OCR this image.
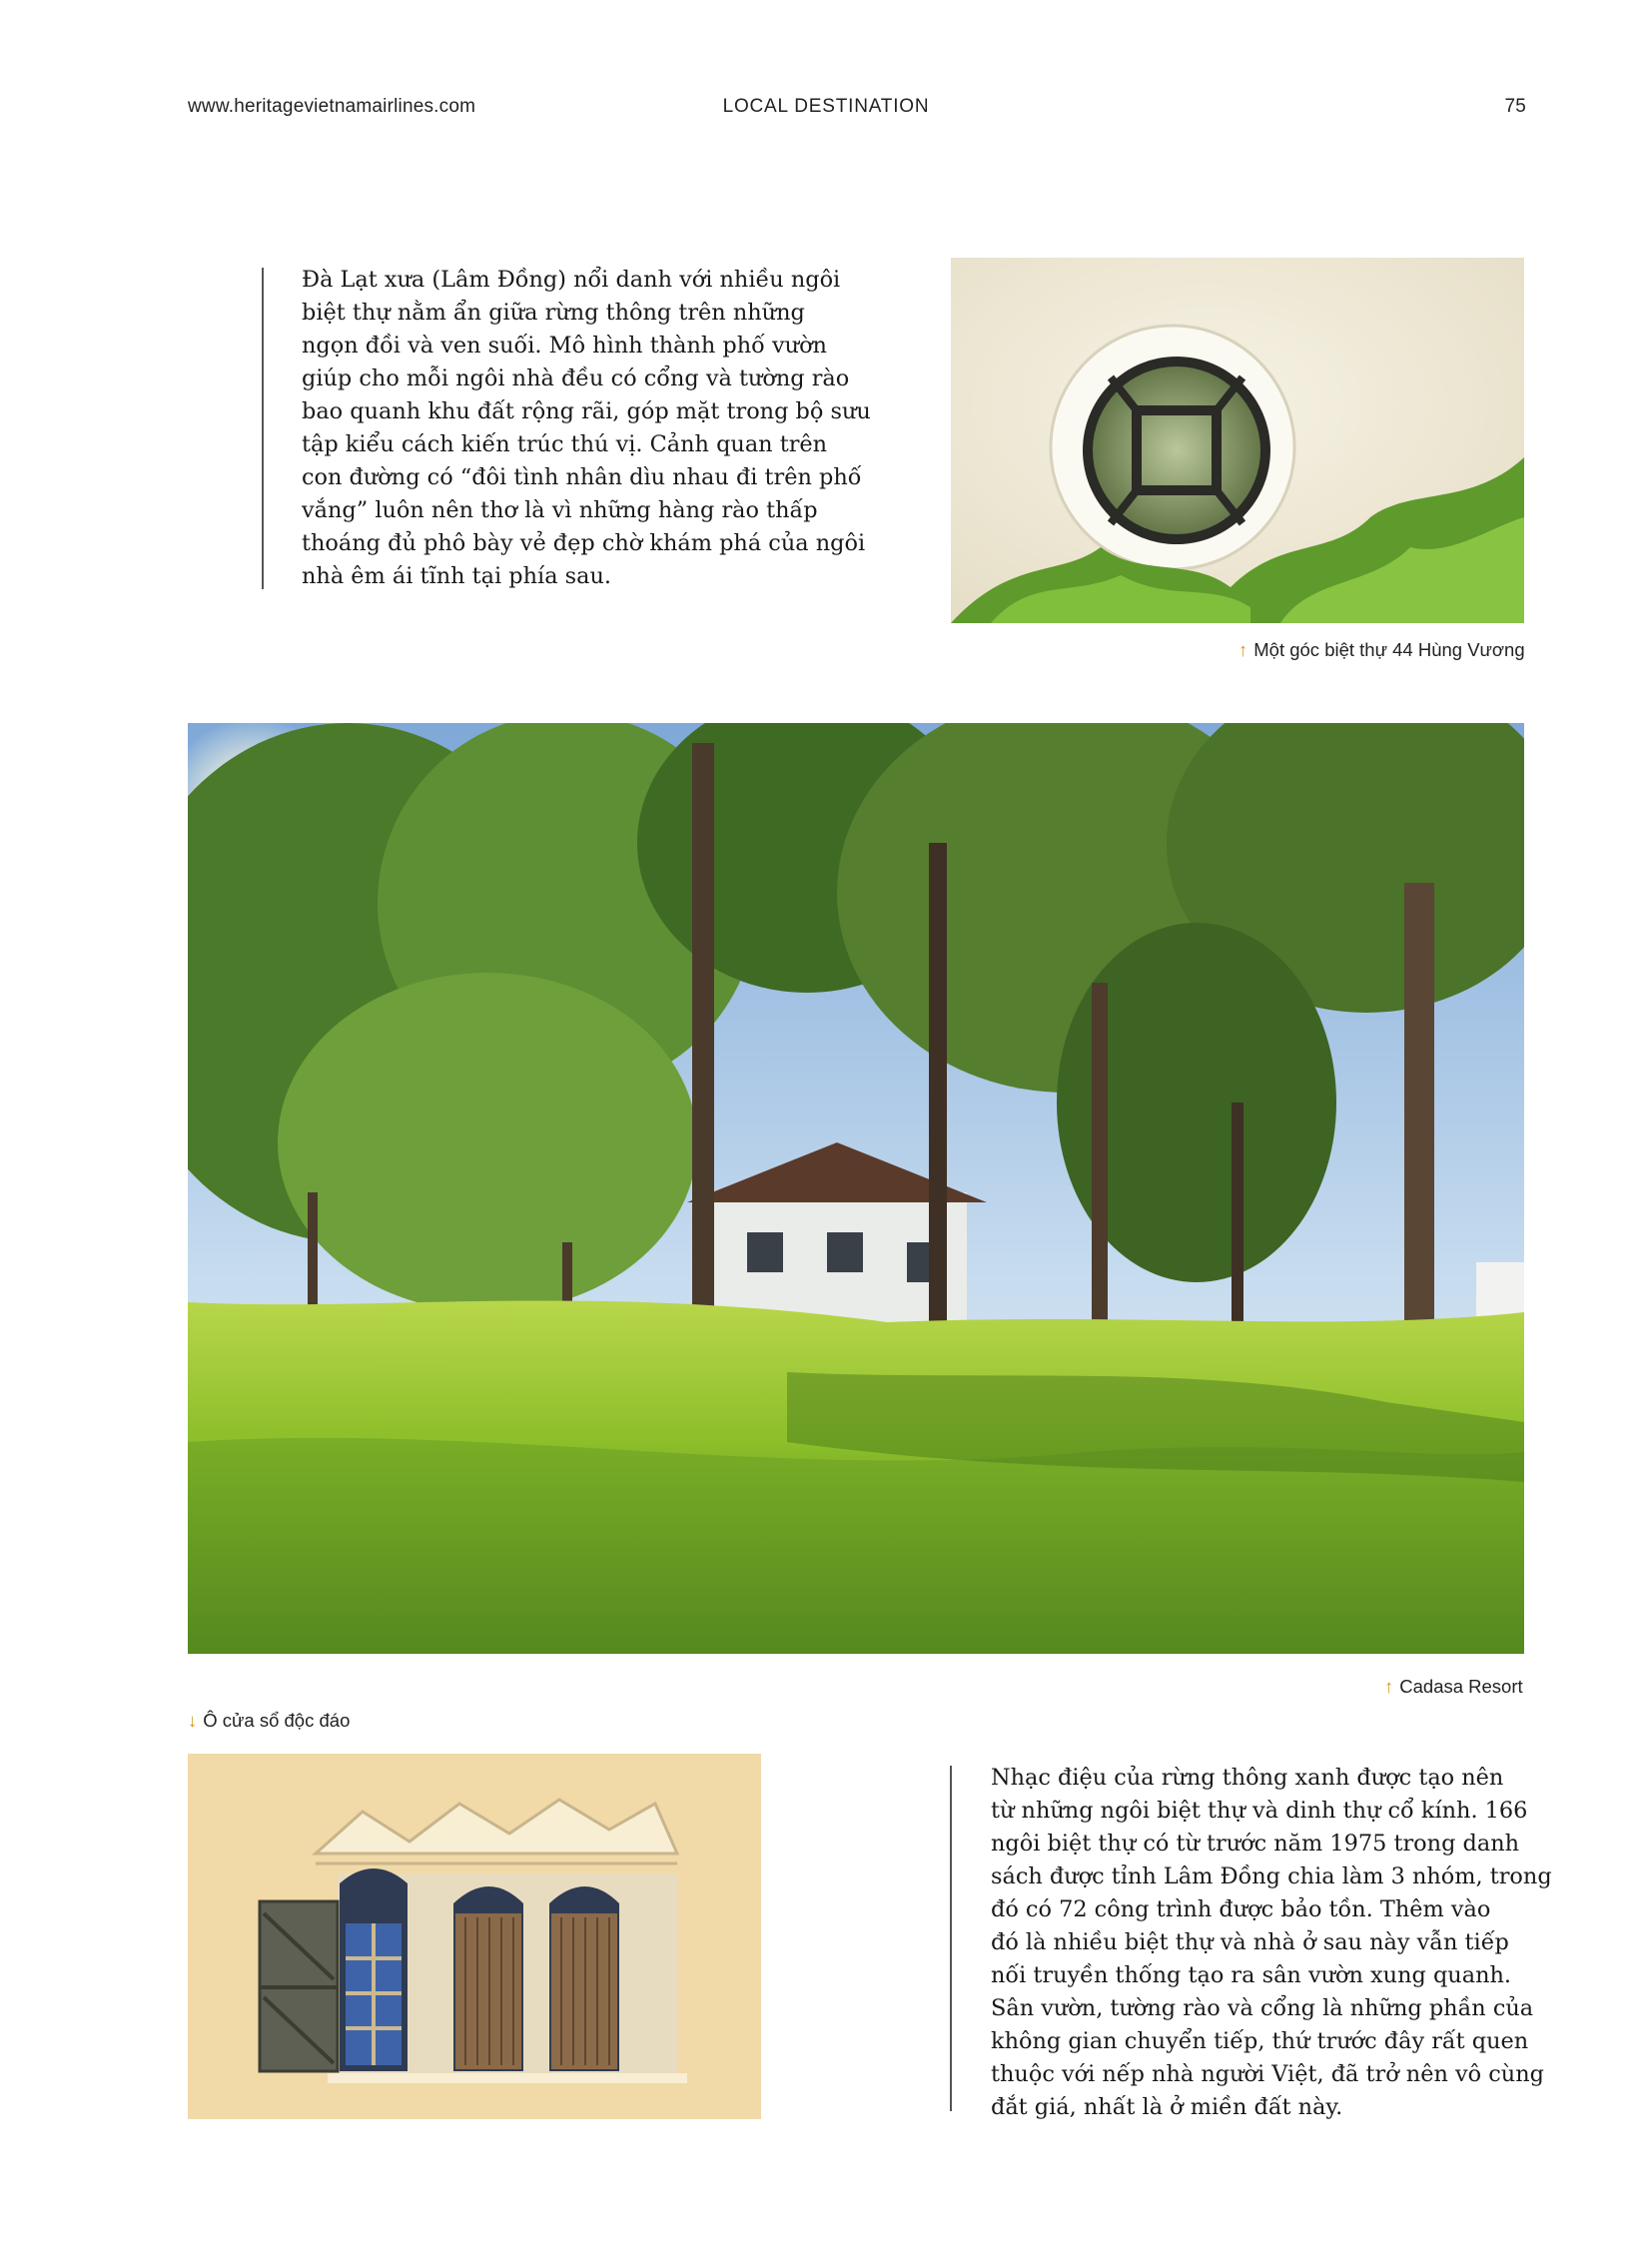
www.heritagevietnamairlines.com	LOCAL DESTINATION	75

Đà Lạt xưa (Lâm Đồng) nổi danh với nhiều ngôi

biệt thự nằm ẩn giữa rừng thông trên những

ngọn đồi và ven suối. Mô hình thành phố vườn

giúp cho mỗi ngôi nhà đều có cổng và tường rào

bao quanh khu đất rộng rãi, góp mặt trong bộ sưu

tập kiểu cách kiến trúc thú vị. Cảnh quan trên

con đường có “đôi tình nhân dìu nhau đi trên phố

vắng” luôn nên thơ là vì những hàng rào thấp

thoáng đủ phô bày vẻ đẹp chờ khám phá của ngôi

nhà êm ái tĩnh tại phía sau.

↑ Một góc biệt thự 44 Hùng Vương
↑ Cadasa Resort
↓ Ô cửa sổ độc đáo

Nhạc điệu của rừng thông xanh được tạo nên

từ những ngôi biệt thự và dinh thự cổ kính. 166

ngôi biệt thự có từ trước năm 1975 trong danh

sách được tỉnh Lâm Đồng chia làm 3 nhóm, trong

đó có 72 công trình được bảo tồn. Thêm vào

đó là nhiều biệt thự và nhà ở sau này vẫn tiếp

nối truyền thống tạo ra sân vườn xung quanh.

Sân vườn, tường rào và cổng là những phần của

không gian chuyển tiếp, thứ trước đây rất quen

thuộc với nếp nhà người Việt, đã trở nên vô cùng

đắt giá, nhất là ở miền đất này.
